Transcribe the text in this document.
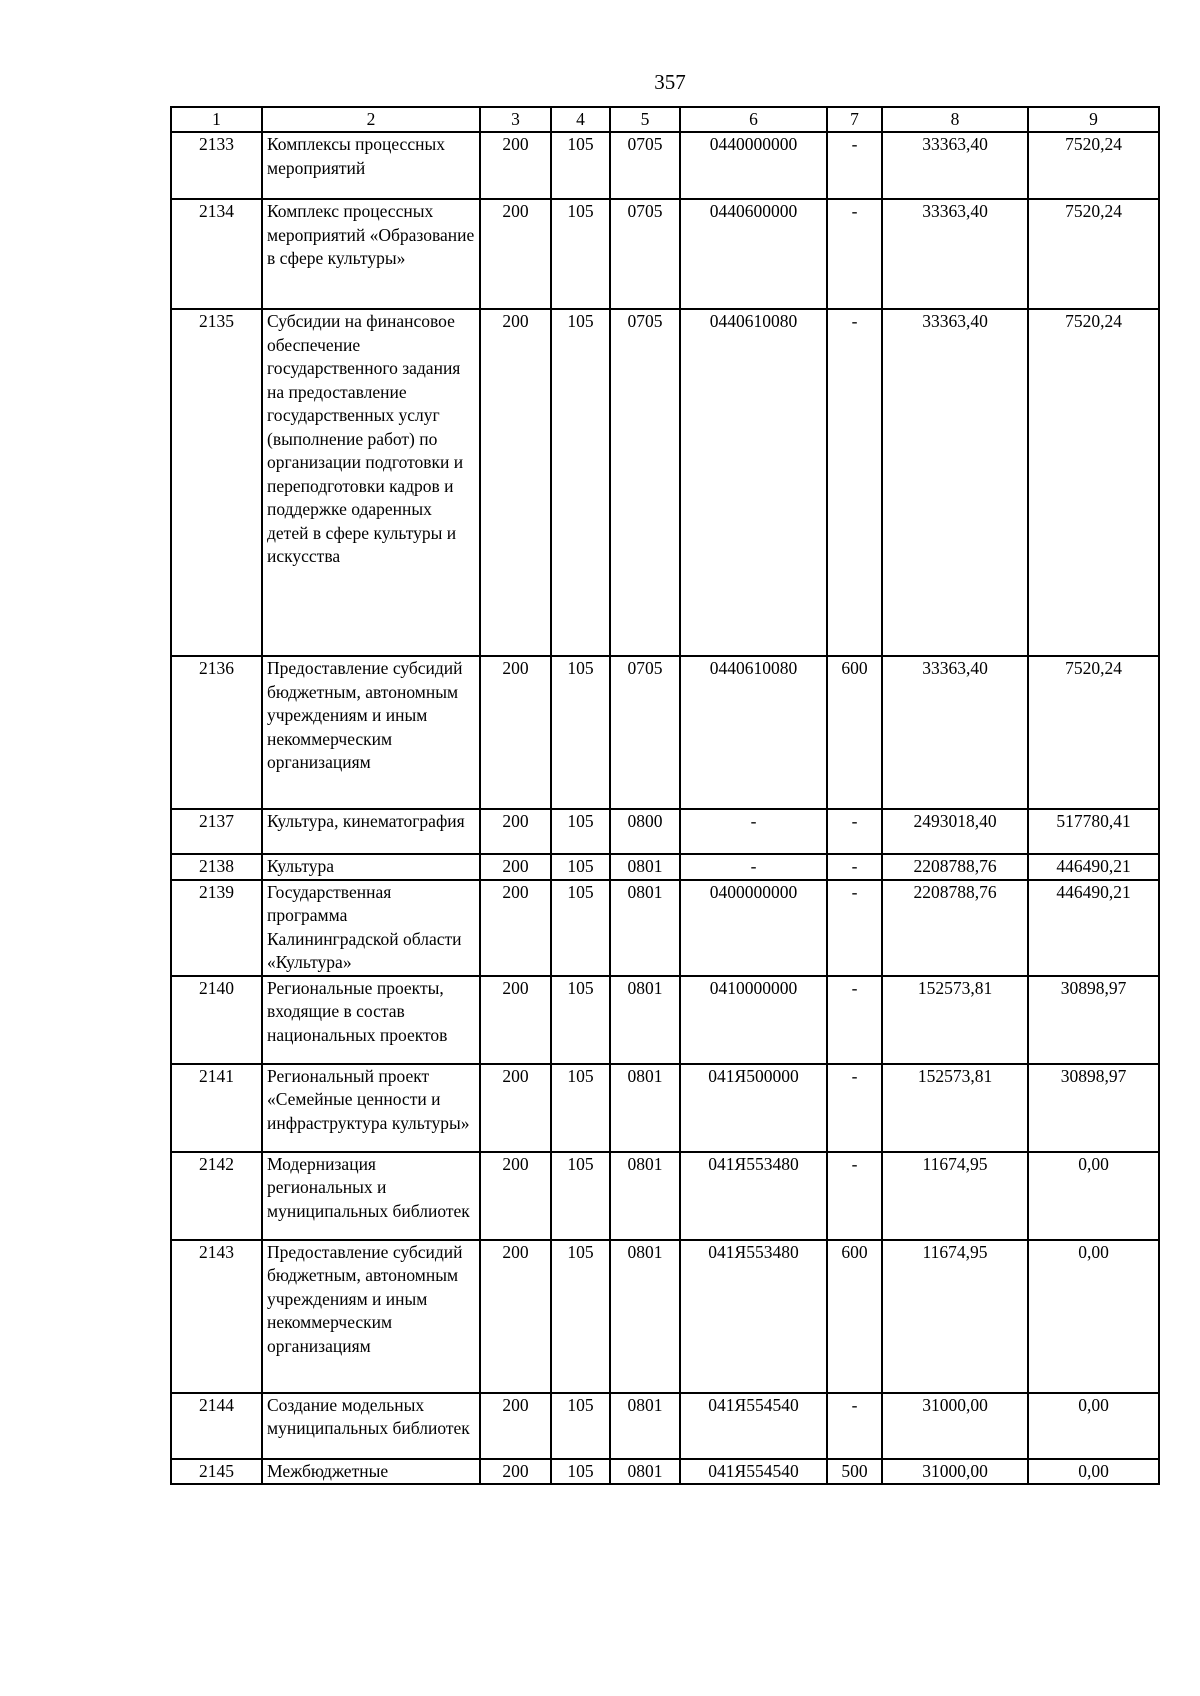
357
1	2	3	4	5	6	7	8	9
2133	Комплексы процессных мероприятий	200	105	0705	0440000000	-	33363,40	7520,24
2134	Комплекс процессных мероприятий «Образование в сфере культуры»	200	105	0705	0440600000	-	33363,40	7520,24
2135	Субсидии на финансовое обеспечение государственного задания на предоставление государственных услуг (выполнение работ) по организации подготовки и переподготовки кадров и поддержке одаренных детей в сфере культуры и искусства	200	105	0705	0440610080	-	33363,40	7520,24
2136	Предоставление субсидий бюджетным, автономным учреждениям и иным некоммерческим организациям	200	105	0705	0440610080	600	33363,40	7520,24
2137	Культура, кинематография	200	105	0800	-	-	2493018,40	517780,41
2138	Культура	200	105	0801	-	-	2208788,76	446490,21
2139	Государственная программа Калининградской области «Культура»	200	105	0801	0400000000	-	2208788,76	446490,21
2140	Региональные проекты, входящие в состав национальных проектов	200	105	0801	0410000000	-	152573,81	30898,97
2141	Региональный проект «Семейные ценности и инфраструктура культуры»	200	105	0801	041Я500000	-	152573,81	30898,97
2142	Модернизация региональных и муниципальных библиотек	200	105	0801	041Я553480	-	11674,95	0,00
2143	Предоставление субсидий бюджетным, автономным учреждениям и иным некоммерческим организациям	200	105	0801	041Я553480	600	11674,95	0,00
2144	Создание модельных муниципальных библиотек	200	105	0801	041Я554540	-	31000,00	0,00
2145	Межбюджетные	200	105	0801	041Я554540	500	31000,00	0,00
